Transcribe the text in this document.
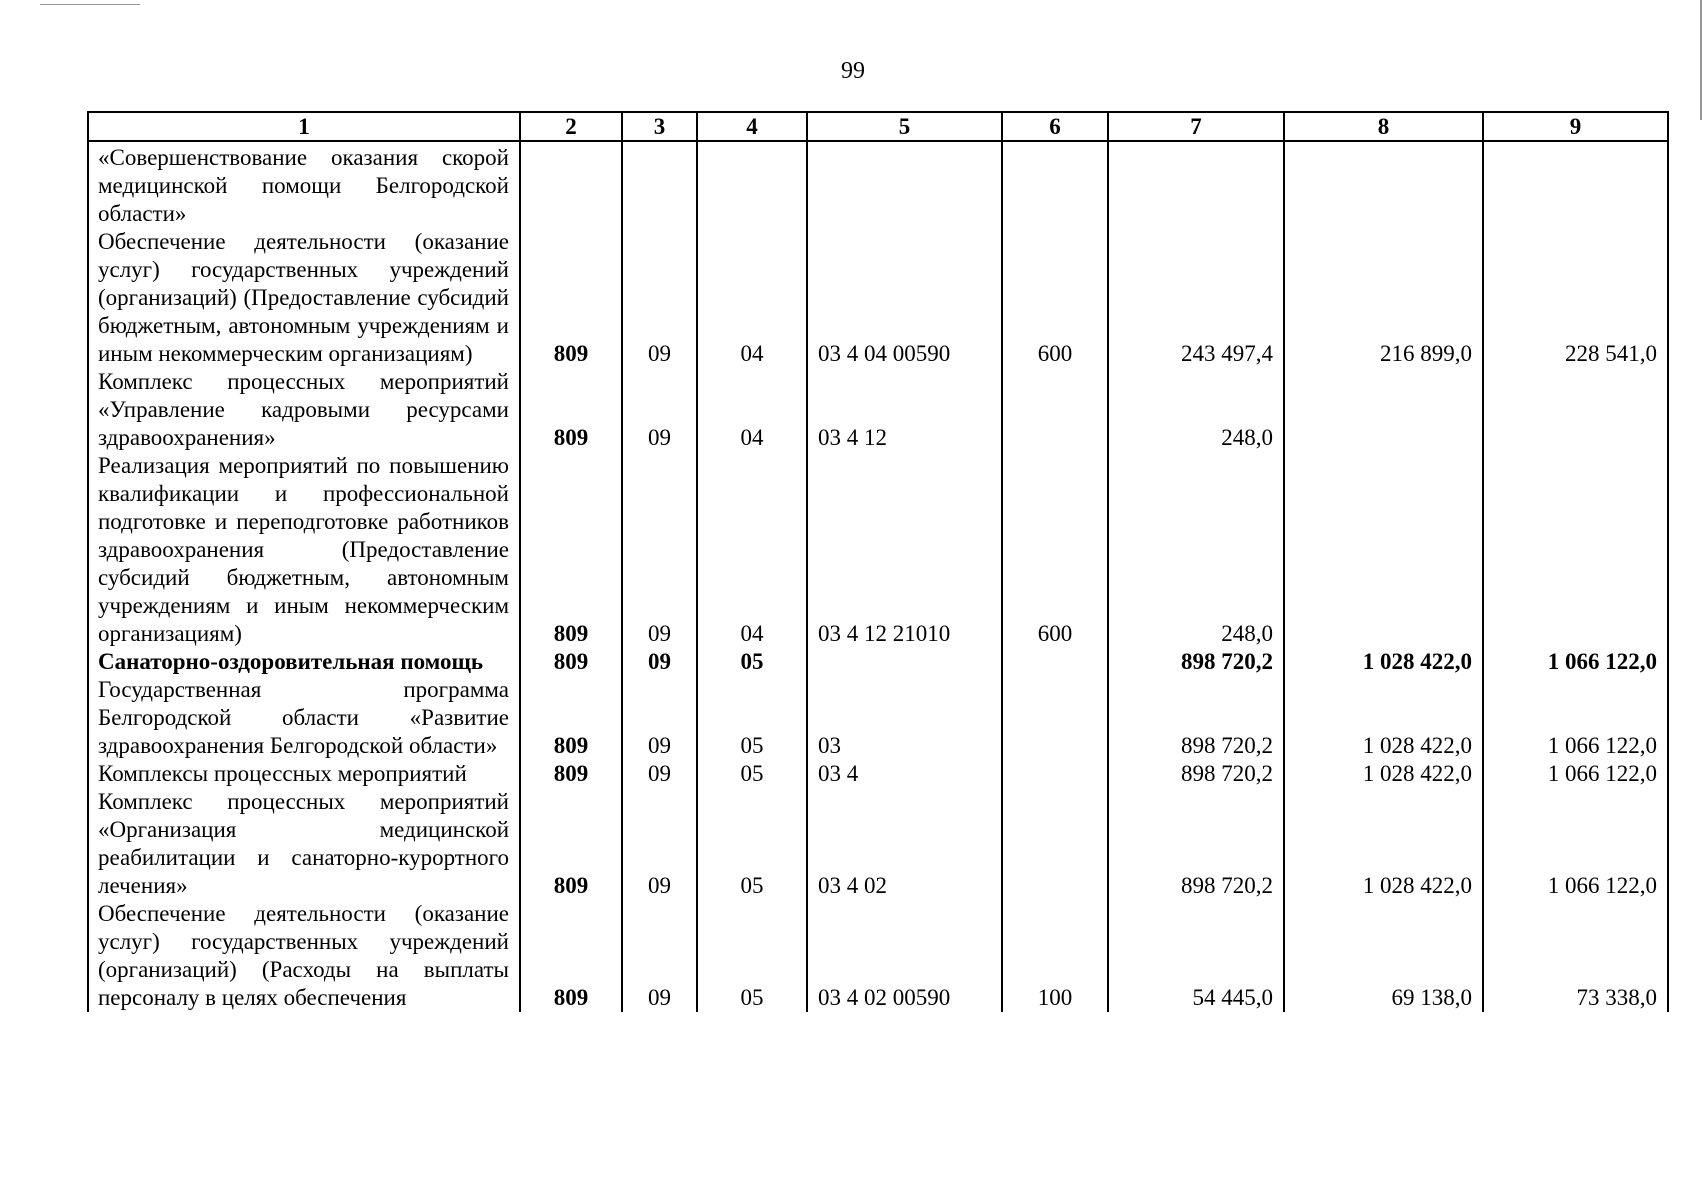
99
1	2	3	4	5	6	7	8	9
«Совершенствование оказания скорой медицинской помощи Белгородской области»								
Обеспечение деятельности (оказание услуг) государственных учреждений (организаций) (Предоставление субсидий бюджетным, автономным учреждениям и иным некоммерческим организациям)	809	09	04	03 4 04 00590	600	243 497,4	216 899,0	228 541,0
Комплекс процессных мероприятий «Управление кадровыми ресурсами здравоохранения»	809	09	04	03 4 12		248,0		
Реализация мероприятий по повышению квалификации и профессиональной подготовке и переподготовке работников здравоохранения (Предоставление субсидий бюджетным, автономным учреждениям и иным некоммерческим организациям)	809	09	04	03 4 12 21010	600	248,0		
Санаторно-оздоровительная помощь	809	09	05			898 720,2	1 028 422,0	1 066 122,0
Государственная программа Белгородской области «Развитие здравоохранения Белгородской области»	809	09	05	03		898 720,2	1 028 422,0	1 066 122,0
Комплексы процессных мероприятий	809	09	05	03 4		898 720,2	1 028 422,0	1 066 122,0
Комплекс процессных мероприятий «Организация медицинской реабилитации и санаторно-курортного лечения»	809	09	05	03 4 02		898 720,2	1 028 422,0	1 066 122,0
Обеспечение деятельности (оказание услуг) государственных учреждений (организаций) (Расходы на выплаты персоналу в целях обеспечения	809	09	05	03 4 02 00590	100	54 445,0	69 138,0	73 338,0
